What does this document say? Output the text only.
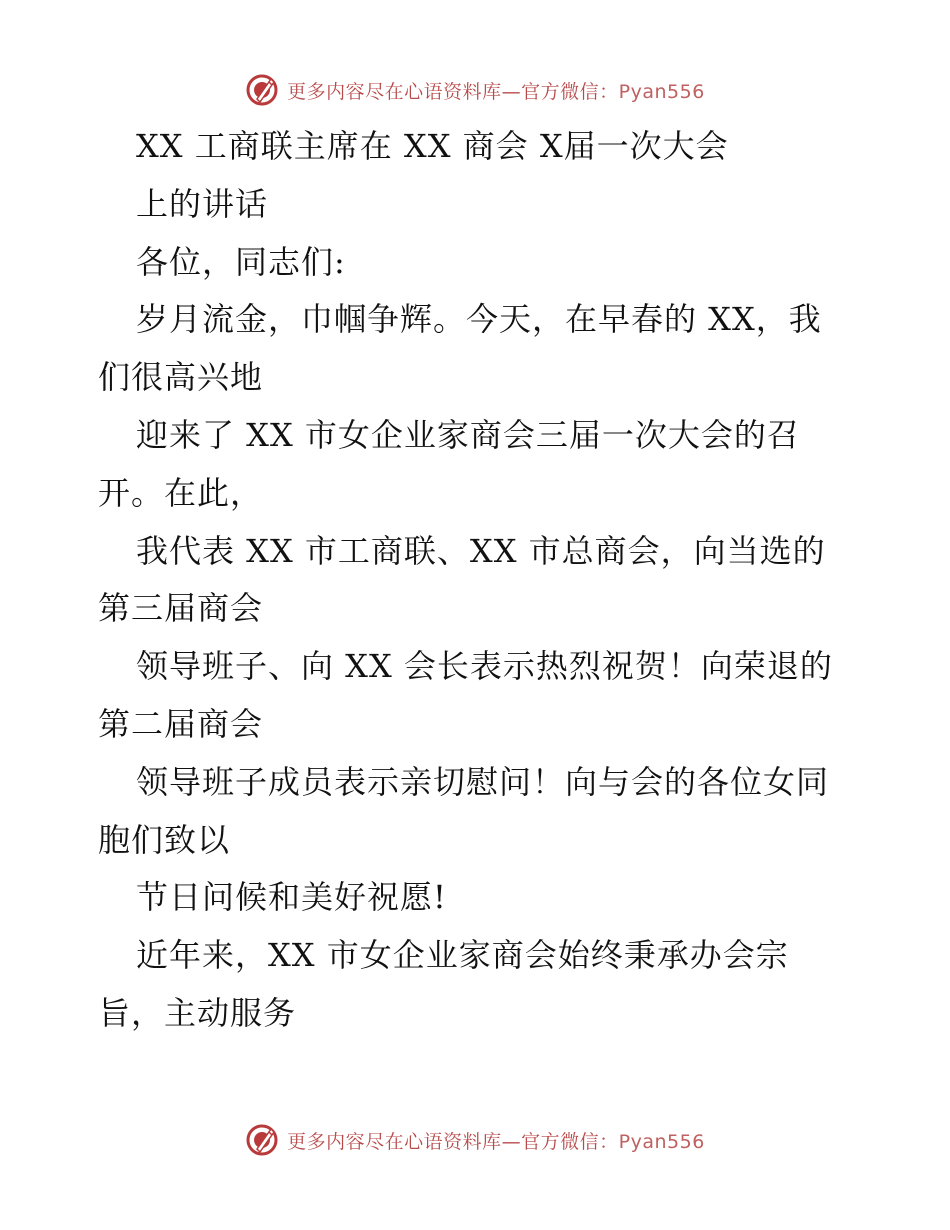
更多内容尽在心语资料库—官方微信：Pyan556
XX 工商联主席在 XX 商会 X届一次大会
上的讲话
各位，同志们:
岁月流金，巾帼争辉。今天，在早春的 XX，我
们很高兴地
迎来了 XX 市女企业家商会三届一次大会的召
开。在此，
我代表 XX 市工商联、XX 市总商会，向当选的
第三届商会
领导班子、向 XX 会长表示热烈祝贺！向荣退的
第二届商会
领导班子成员表示亲切慰问！向与会的各位女同
胞们致以
节日问候和美好祝愿!
近年来，XX 市女企业家商会始终秉承办会宗
旨，主动服务
更多内容尽在心语资料库—官方微信：Pyan556
